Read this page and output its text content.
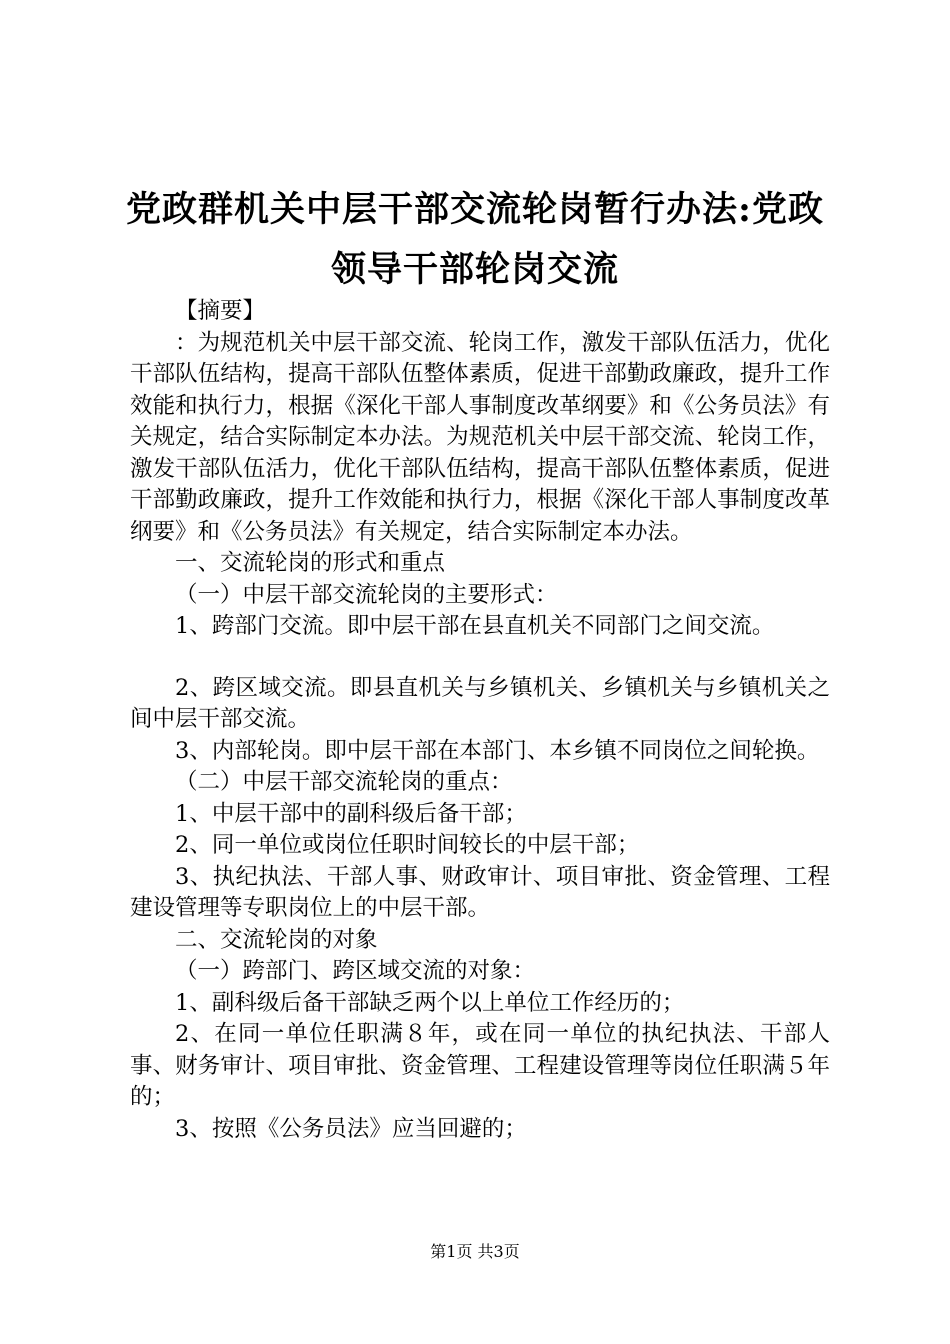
党政群机关中层干部交流轮岗暂行办法:党政
领导干部轮岗交流

【摘要】

：为规范机关中层干部交流、轮岗工作，激发干部队伍活力，优化干部队伍结构，提高干部队伍整体素质，促进干部勤政廉政，提升工作效能和执行力，根据《深化干部人事制度改革纲要》和《公务员法》有关规定，结合实际制定本办法。为规范机关中层干部交流、轮岗工作，激发干部队伍活力，优化干部队伍结构，提高干部队伍整体素质，促进干部勤政廉政，提升工作效能和执行力，根据《深化干部人事制度改革纲要》和《公务员法》有关规定，结合实际制定本办法。

一、交流轮岗的形式和重点

（一）中层干部交流轮岗的主要形式：

1、跨部门交流。即中层干部在县直机关不同部门之间交流。

2、跨区域交流。即县直机关与乡镇机关、乡镇机关与乡镇机关之间中层干部交流。

3、内部轮岗。即中层干部在本部门、本乡镇不同岗位之间轮换。

（二）中层干部交流轮岗的重点：

1、中层干部中的副科级后备干部；

2、同一单位或岗位任职时间较长的中层干部；

3、执纪执法、干部人事、财政审计、项目审批、资金管理、工程建设管理等专职岗位上的中层干部。

二、交流轮岗的对象

（一）跨部门、跨区域交流的对象：

1、副科级后备干部缺乏两个以上单位工作经历的；

2、在同一单位任职满８年，或在同一单位的执纪执法、干部人事、财务审计、项目审批、资金管理、工程建设管理等岗位任职满５年的；

3、按照《公务员法》应当回避的；

第1页 共3页
